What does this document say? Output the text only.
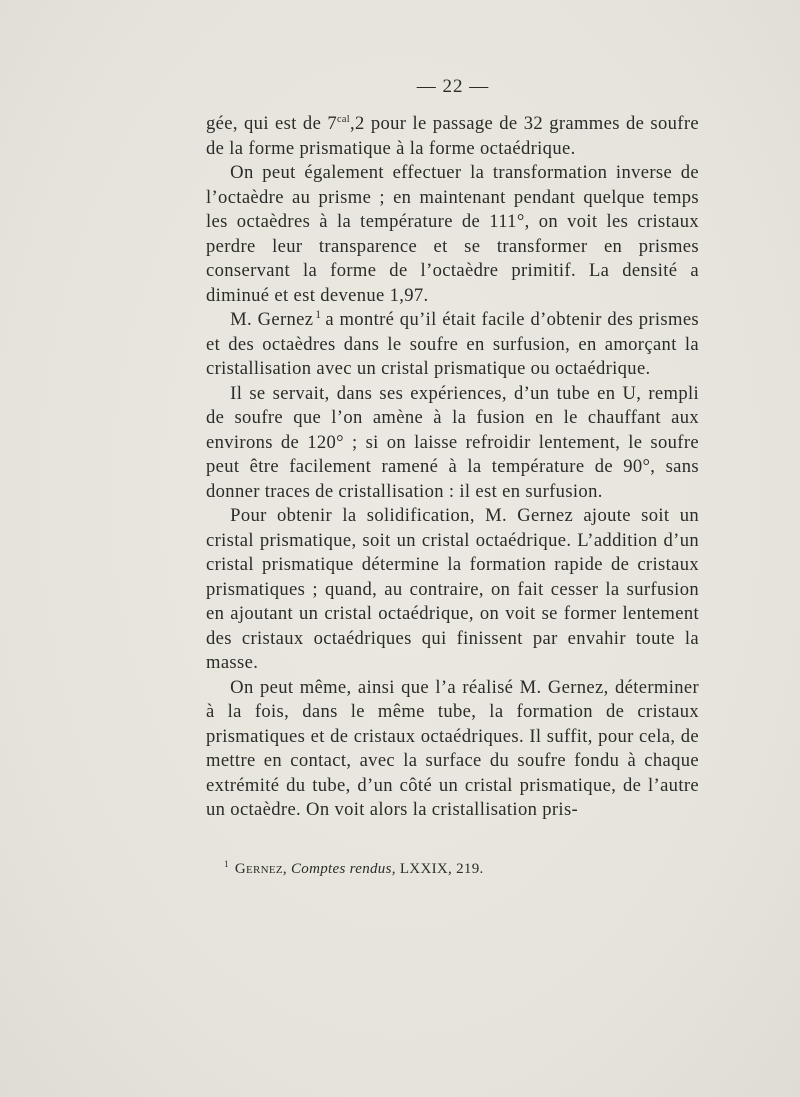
— 22 —

gée, qui est de $7^{cal},2$ pour le passage de 32 grammes de soufre de la forme prismatique à la forme octaédrique.

On peut également effectuer la transformation inverse de l’octaèdre au prisme ; en maintenant pendant quelque temps les octaèdres à la température de 111°, on voit les cristaux perdre leur transparence et se transformer en prismes conservant la forme de l’octaèdre primitif. La densité a diminué et est devenue 1,97.

M. Gernez $^1$ a montré qu’il était facile d’obtenir des prismes et des octaèdres dans le soufre en surfusion, en amorçant la cristallisation avec un cristal prismatique ou octaédrique.

Il se servait, dans ses expériences, d’un tube en U, rempli de soufre que l’on amène à la fusion en le chauffant aux environs de 120° ; si on laisse refroidir lentement, le soufre peut être facilement ramené à la température de 90°, sans donner traces de cristallisation : il est en surfusion.

Pour obtenir la solidification, M. Gernez ajoute soit un cristal prismatique, soit un cristal octaédrique. L’addition d’un cristal prismatique détermine la formation rapide de cristaux prismatiques ; quand, au contraire, on fait cesser la surfusion en ajoutant un cristal octaédrique, on voit se former lentement des cristaux octaédriques qui finissent par envahir toute la masse.

On peut même, ainsi que l’a réalisé M. Gernez, déterminer à la fois, dans le même tube, la formation de cristaux prismatiques et de cristaux octaédriques. Il suffit, pour cela, de mettre en contact, avec la surface du soufre fondu à chaque extrémité du tube, d’un côté un cristal prismatique, de l’autre un octaèdre. On voit alors la cristallisation pris-

$^1$ Gernez, Comptes rendus, LXXIX, 219.
